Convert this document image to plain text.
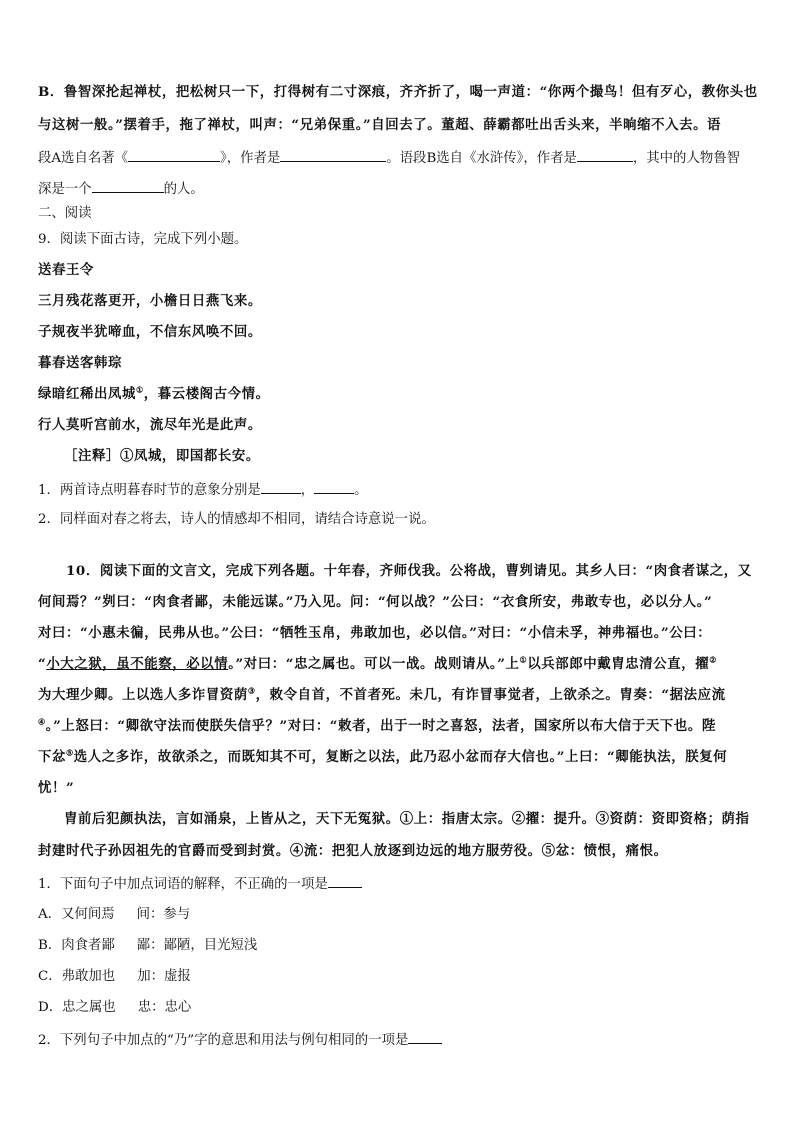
B．鲁智深抡起禅杖，把松树只一下，打得树有二寸深痕，齐齐折了，喝一声道：“你两个撮鸟！但有歹心，教你头也
与这树一般。”摆着手，拖了禅杖，叫声：“兄弟保重。”自回去了。董超、薛霸都吐出舌头来，半晌缩不入去。语
段A选自名著《	》，作者是	。语段B选自《水浒传》，作者是	，其中的人物鲁智
深是一个	的人。
二、阅读
9．阅读下面古诗，完成下列小题。
送春王令
三月残花落更开，小檐日日燕飞来。
子规夜半犹啼血，不信东风唤不回。
暮春送客韩琮
绿暗红稀出凤城①，暮云楼阁古今情。
行人莫听宫前水，流尽年光是此声。
［注释］①凤城，即国都长安。
1．两首诗点明暮春时节的意象分别是	，	。
2．同样面对春之将去，诗人的情感却不相同，请结合诗意说一说。
10．阅读下面的文言文，完成下列各题。十年春，齐师伐我。公将战，曹刿请见。其乡人曰：“肉食者谋之，又
何间焉？”刿曰：“肉食者鄙，未能远谋。”乃入见。问：“何以战？”公曰：“衣食所安，弗敢专也，必以分人。”
对曰：“小惠未徧，民弗从也。”公曰：“牺牲玉帛，弗敢加也，必以信。”对曰：“小信未孚，神弗福也。”公曰：
“小大之狱，虽不能察，必以情。”对曰：“忠之属也。可以一战。战则请从。”上①以兵部郎中戴胄忠清公直，擢②
为大理少卿。上以选人多诈冒资荫③，敕令自首，不首者死。未几，有诈冒事觉者，上欲杀之。胄奏：“据法应流
④。”上怒曰：“卿欲守法而使朕失信乎？”对曰：“敕者，出于一时之喜怒，法者，国家所以布大信于天下也。陛
下忿⑤选人之多诈，故欲杀之，而既知其不可，复断之以法，此乃忍小忿而存大信也。”上曰：“卿能执法，朕复何
忧！”
胄前后犯颜执法，言如涌泉，上皆从之，天下无冤狱。①上：指唐太宗。②擢：提升。③资荫：资即资格；荫指
封建时代子孙因祖先的官爵而受到封赏。④流：把犯人放逐到边远的地方服劳役。⑤忿：愤恨，痛恨。
1．下面句子中加点词语的解释，不正确的一项是
A．又何间焉 间：参与
B．肉食者鄙 鄙：鄙陋，目光短浅
C．弗敢加也 加：虚报
D．忠之属也 忠：忠心
2．下列句子中加点的“乃”字的意思和用法与例句相同的一项是
